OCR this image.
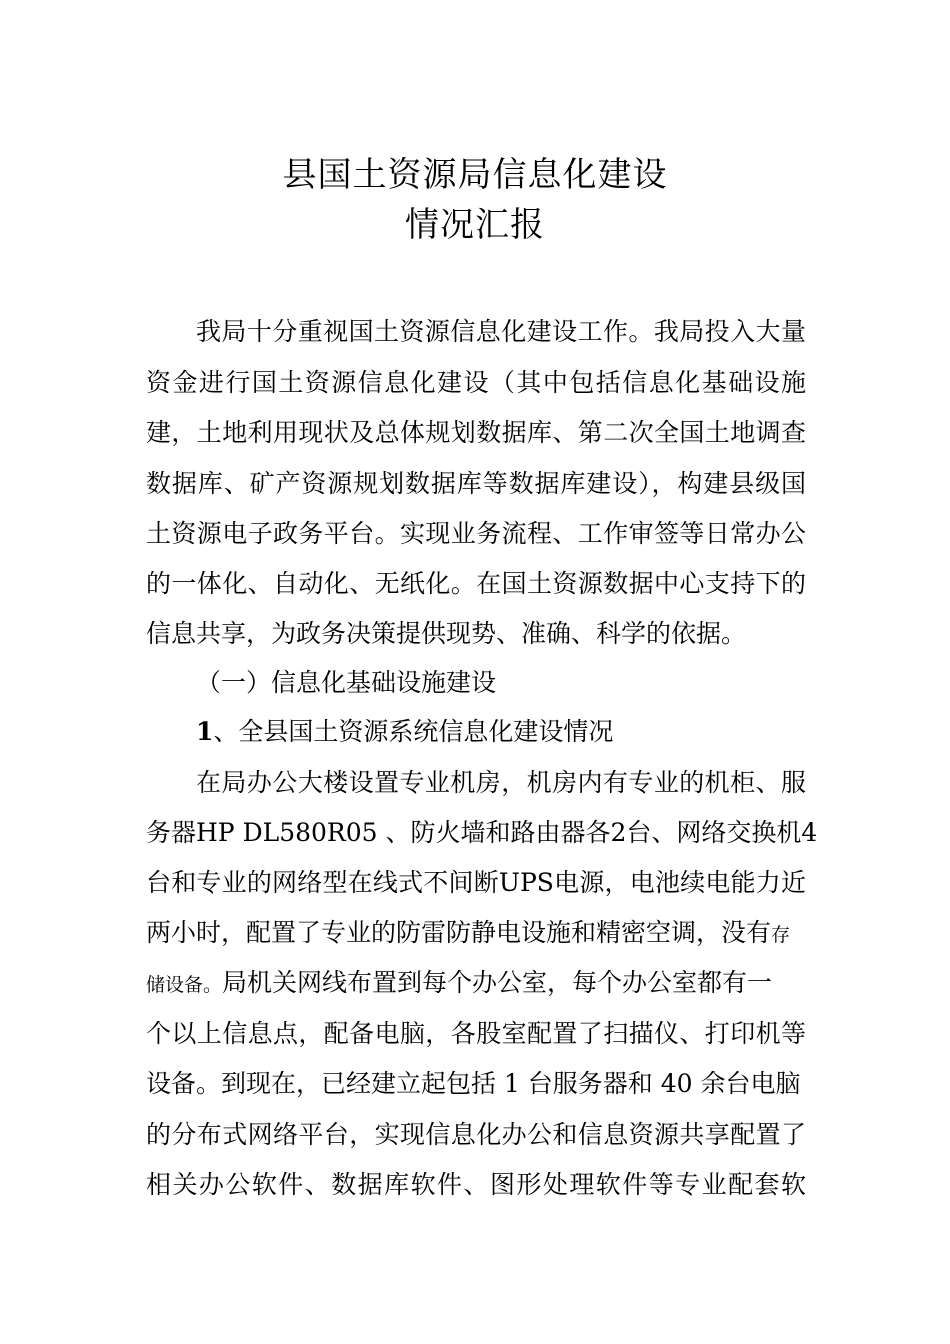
县国土资源局信息化建设
情况汇报
我局十分重视国土资源信息化建设工作。我局投入大量
资金进行国土资源信息化建设（其中包括信息化基础设施
建，土地利用现状及总体规划数据库、第二次全国土地调查
数据库、矿产资源规划数据库等数据库建设），构建县级国
土资源电子政务平台。实现业务流程、工作审签等日常办公
的一体化、自动化、无纸化。在国土资源数据中心支持下的
信息共享，为政务决策提供现势、准确、科学的依据。
（一）信息化基础设施建设
1、全县国土资源系统信息化建设情况
在局办公大楼设置专业机房，机房内有专业的机柜、服
务器HP DL580R05 、防火墙和路由器各2台、网络交换机4
台和专业的网络型在线式不间断UPS电源，电池续电能力近
两小时，配置了专业的防雷防静电设施和精密空调，没有存
储设备。局机关网线布置到每个办公室，每个办公室都有一
个以上信息点，配备电脑，各股室配置了扫描仪、打印机等
设备。到现在，已经建立起包括 1 台服务器和 40 余台电脑
的分布式网络平台，实现信息化办公和信息资源共享配置了
相关办公软件、数据库软件、图形处理软件等专业配套软
